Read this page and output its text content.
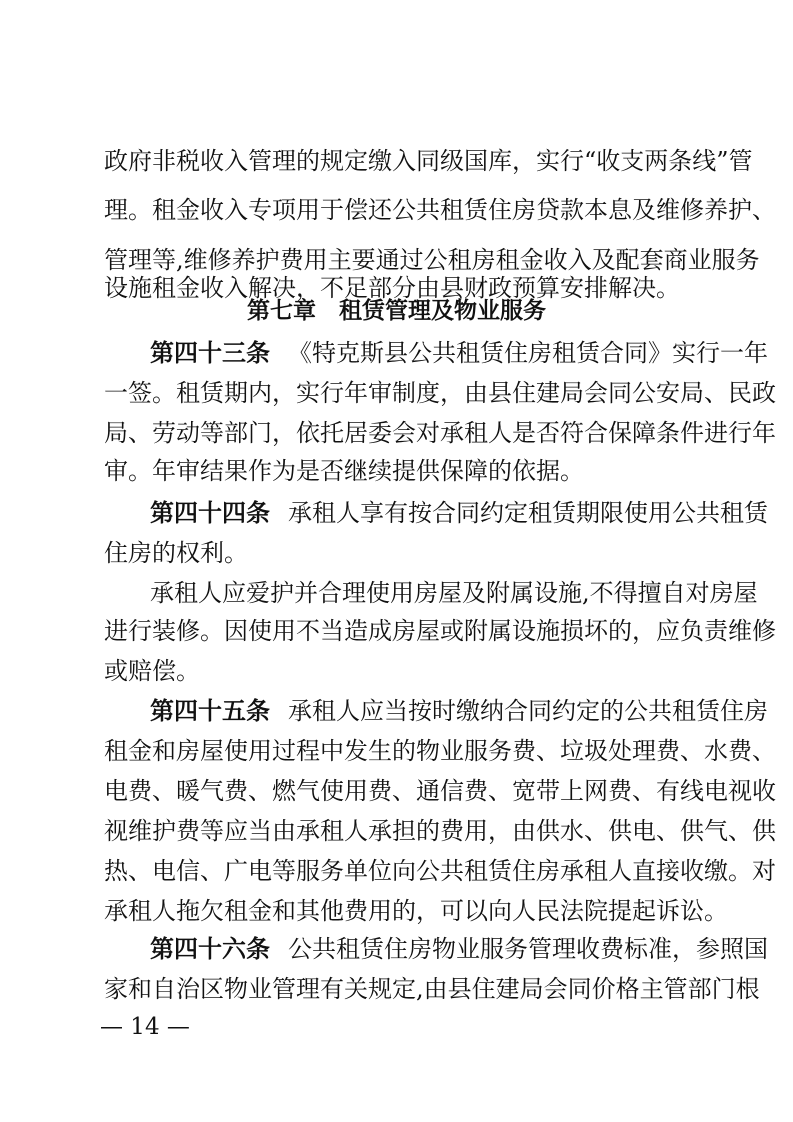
政府非税收入管理的规定缴入同级国库，实行“收支两条线”管
理。租金收入专项用于偿还公共租赁住房贷款本息及维修养护、
管理等,维修养护费用主要通过公租房租金收入及配套商业服务
设施租金收入解决，不足部分由县财政预算安排解决。
第七章　租赁管理及物业服务
第四十三条 《特克斯县公共租赁住房租赁合同》实行一年
一签。租赁期内，实行年审制度，由县住建局会同公安局、民政
局、劳动等部门，依托居委会对承租人是否符合保障条件进行年
审。年审结果作为是否继续提供保障的依据。
第四十四条 承租人享有按合同约定租赁期限使用公共租赁
住房的权利。
承租人应爱护并合理使用房屋及附属设施,不得擅自对房屋
进行装修。因使用不当造成房屋或附属设施损坏的，应负责维修
或赔偿。
第四十五条 承租人应当按时缴纳合同约定的公共租赁住房
租金和房屋使用过程中发生的物业服务费、垃圾处理费、水费、
电费、暖气费、燃气使用费、通信费、宽带上网费、有线电视收
视维护费等应当由承租人承担的费用，由供水、供电、供气、供
热、电信、广电等服务单位向公共租赁住房承租人直接收缴。对
承租人拖欠租金和其他费用的，可以向人民法院提起诉讼。
第四十六条 公共租赁住房物业服务管理收费标准，参照国
家和自治区物业管理有关规定,由县住建局会同价格主管部门根
— 14 —
